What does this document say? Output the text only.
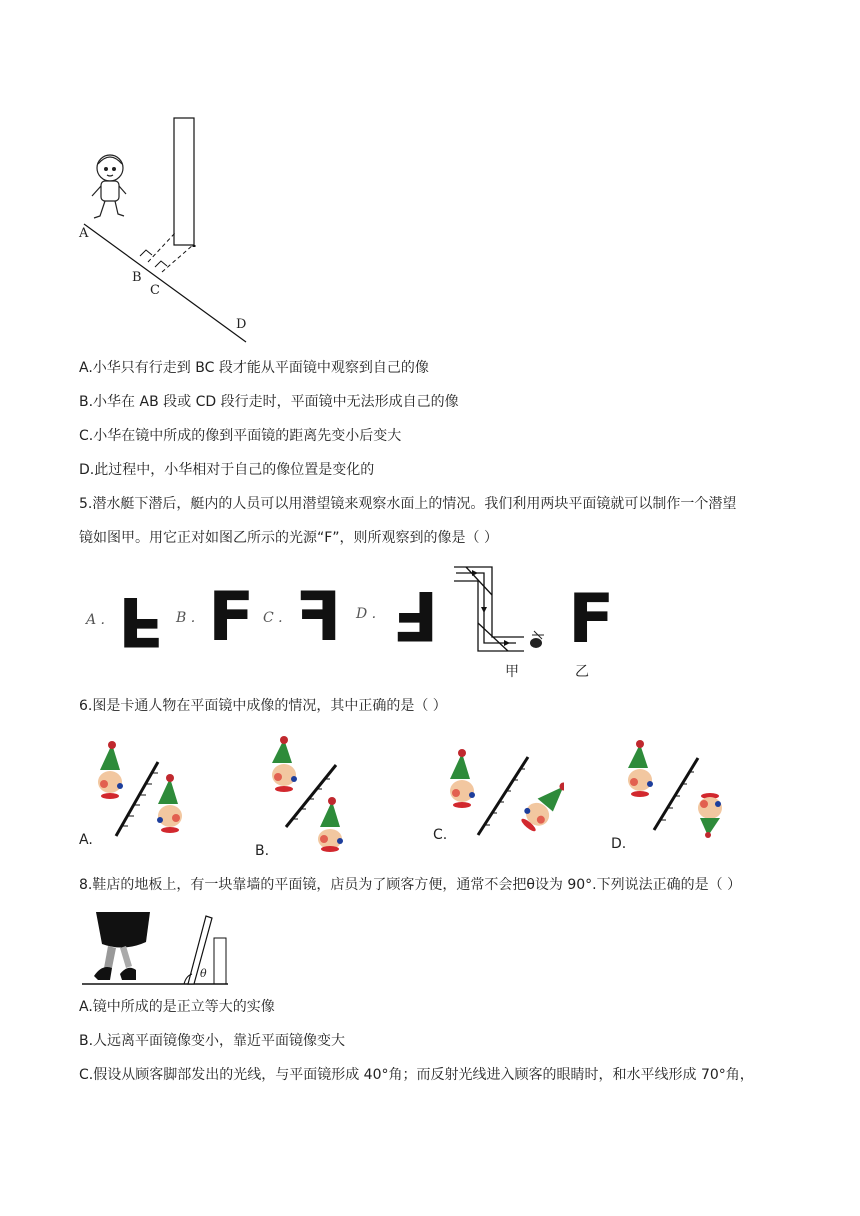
A
B
C
D
A.小华只有行走到 BC 段才能从平面镜中观察到自己的像
B.小华在 AB 段或 CD 段行走时，平面镜中无法形成自己的像
C.小华在镜中所成的像到平面镜的距离先变小后变大
D.此过程中，小华相对于自己的像位置是变化的
5.潜水艇下潜后，艇内的人员可以用潜望镜来观察水面上的情况。我们利用两块平面镜就可以制作一个潜望
镜如图甲。用它正对如图乙所示的光源“F”，则所观察到的像是（ ）
A . F B . F C . F D . F
甲
F
乙
6.图是卡通人物在平面镜中成像的情况，其中正确的是（ ）
A.
B.
C.
D.
8.鞋店的地板上，有一块靠墙的平面镜，店员为了顾客方便，通常不会把θ设为 90°.下列说法正确的是（ ）
θ
A.镜中所成的是正立等大的实像
B.人远离平面镜像变小，靠近平面镜像变大
C.假设从顾客脚部发出的光线，与平面镜形成 40°角；而反射光线进入顾客的眼睛时，和水平线形成 70°角，
